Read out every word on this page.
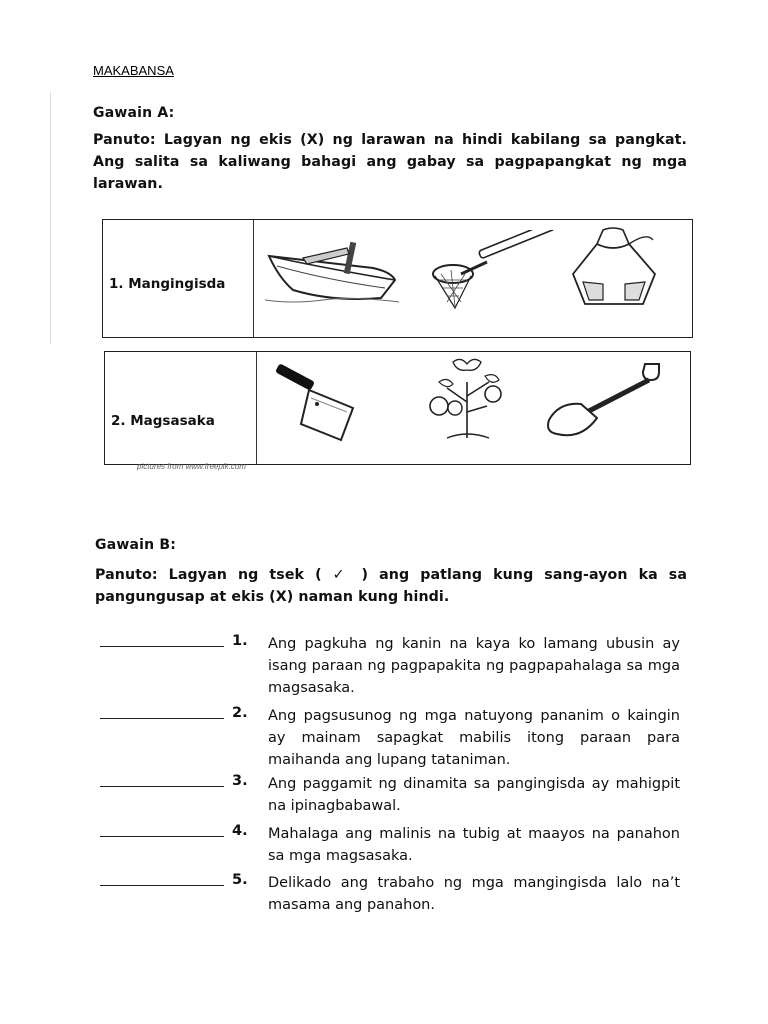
MAKABANSA
Gawain A:
Panuto: Lagyan ng ekis (X) ng larawan na hindi kabilang sa pangkat. Ang salita sa kaliwang bahagi ang gabay sa pagpapangkat ng mga larawan.
1. Mangingisda
2. Magsasaka
pictures from www.freepik.com
Gawain B:
Panuto: Lagyan ng tsek ( ✓ ) ang patlang kung sang-ayon ka sa pangungusap at ekis (X) naman kung hindi.
1. Ang pagkuha ng kanin na kaya ko lamang ubusin ay isang paraan ng pagpapakita ng pagpapahalaga sa mga magsasaka.
2. Ang pagsusunog ng mga natuyong pananim o kaingin ay mainam sapagkat mabilis itong paraan para maihanda ang lupang tataniman.
3. Ang paggamit ng dinamita sa pangingisda ay mahigpit na ipinagbabawal.
4. Mahalaga ang malinis na tubig at maayos na panahon sa mga magsasaka.
5. Delikado ang trabaho ng mga mangingisda lalo na’t masama ang panahon.
